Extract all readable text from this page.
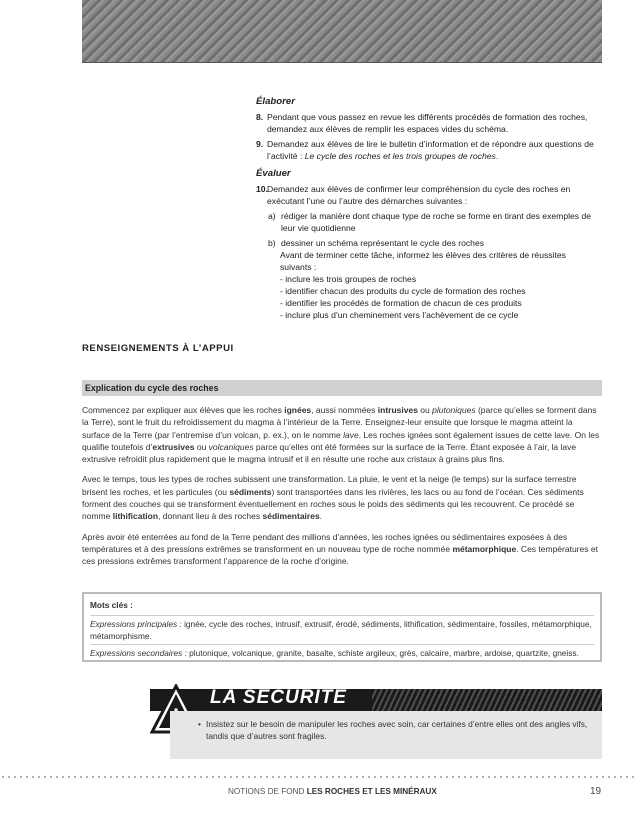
Élaborer
8. Pendant que vous passez en revue les différents procédés de formation des roches, demandez aux élèves de remplir les espaces vides du schéma.
9. Demandez aux élèves de lire le bulletin d’information et de répondre aux questions de l’activité : Le cycle des roches et les trois groupes de roches.
Évaluer
10. Demandez aux élèves de confirmer leur compréhension du cycle des roches en exécutant l’une ou l’autre des démarches suivantes :
a) rédiger la manière dont chaque type de roche se forme en tirant des exemples de leur vie quotidienne
b) dessiner un schéma représentant le cycle des roches
Avant de terminer cette tâche, informez les élèves des critères de réussites suivants :
- inclure les trois groupes de roches
- identifier chacun des produits du cycle de formation des roches
- identifier les procédés de formation de chacun de ces produits
- inclure plus d’un cheminement vers l’achèvement de ce cycle
RENSEIGNEMENTS À L’APPUI
Explication du cycle des roches

Commencez par expliquer aux élèves que les roches ignées, aussi nommées intrusives ou plutoniques (parce qu’elles se forment dans la Terre), sont le fruit du refroidissement du magma à l’intérieur de la Terre. Enseignez-leur ensuite que lorsque le magma atteint la surface de la Terre (par l’entremise d’un volcan, p. ex.), on le nomme lave. Les roches ignées sont également issues de cette lave. On les qualifie toutefois d’extrusives ou volcaniques parce qu’elles ont été formées sur la surface de la Terre. Étant exposée à l’air, la lave extrusive refroidit plus rapidement que le magma intrusif et il en résulte une roche aux cristaux à grains plus fins.

Avec le temps, tous les types de roches subissent une transformation. La pluie, le vent et la neige (le temps) sur la surface terrestre brisent les roches, et les particules (ou sédiments) sont transportées dans les rivières, les lacs ou au fond de l’océan. Ces sédiments forment des couches qui se transforment éventuellement en roches sous le poids des sédiments qui les recouvrent. Ce procédé se nomme lithification, donnant lieu à des roches sédimentaires.

Après avoir été enterrées au fond de la Terre pendant des millions d’années, les roches ignées ou sédimentaires exposées à des températures et à des pressions extrêmes se transforment en un nouveau type de roche nommée métamorphique. Ces températures et ces pressions extrêmes transforment l’apparence de la roche d’origine.

Mots clés :
Expressions principales : ignée, cycle des roches, intrusif, extrusif, érodé, sédiments, lithification, sédimentaire, fossiles, métamorphique, métamorphisme.
Expressions secondaires : plutonique, volcanique, granite, basalte, schiste argileux, grès, calcaire, marbre, ardoise, quartzite, gneiss.
LA SÉCURITÉ
• Insistez sur le besoin de manipuler les roches avec soin, car certaines d’entre elles ont des angles vifs, tandis que d’autres sont fragiles.
NOTIONS DE FOND LES ROCHES ET LES MINÉRAUX	19
